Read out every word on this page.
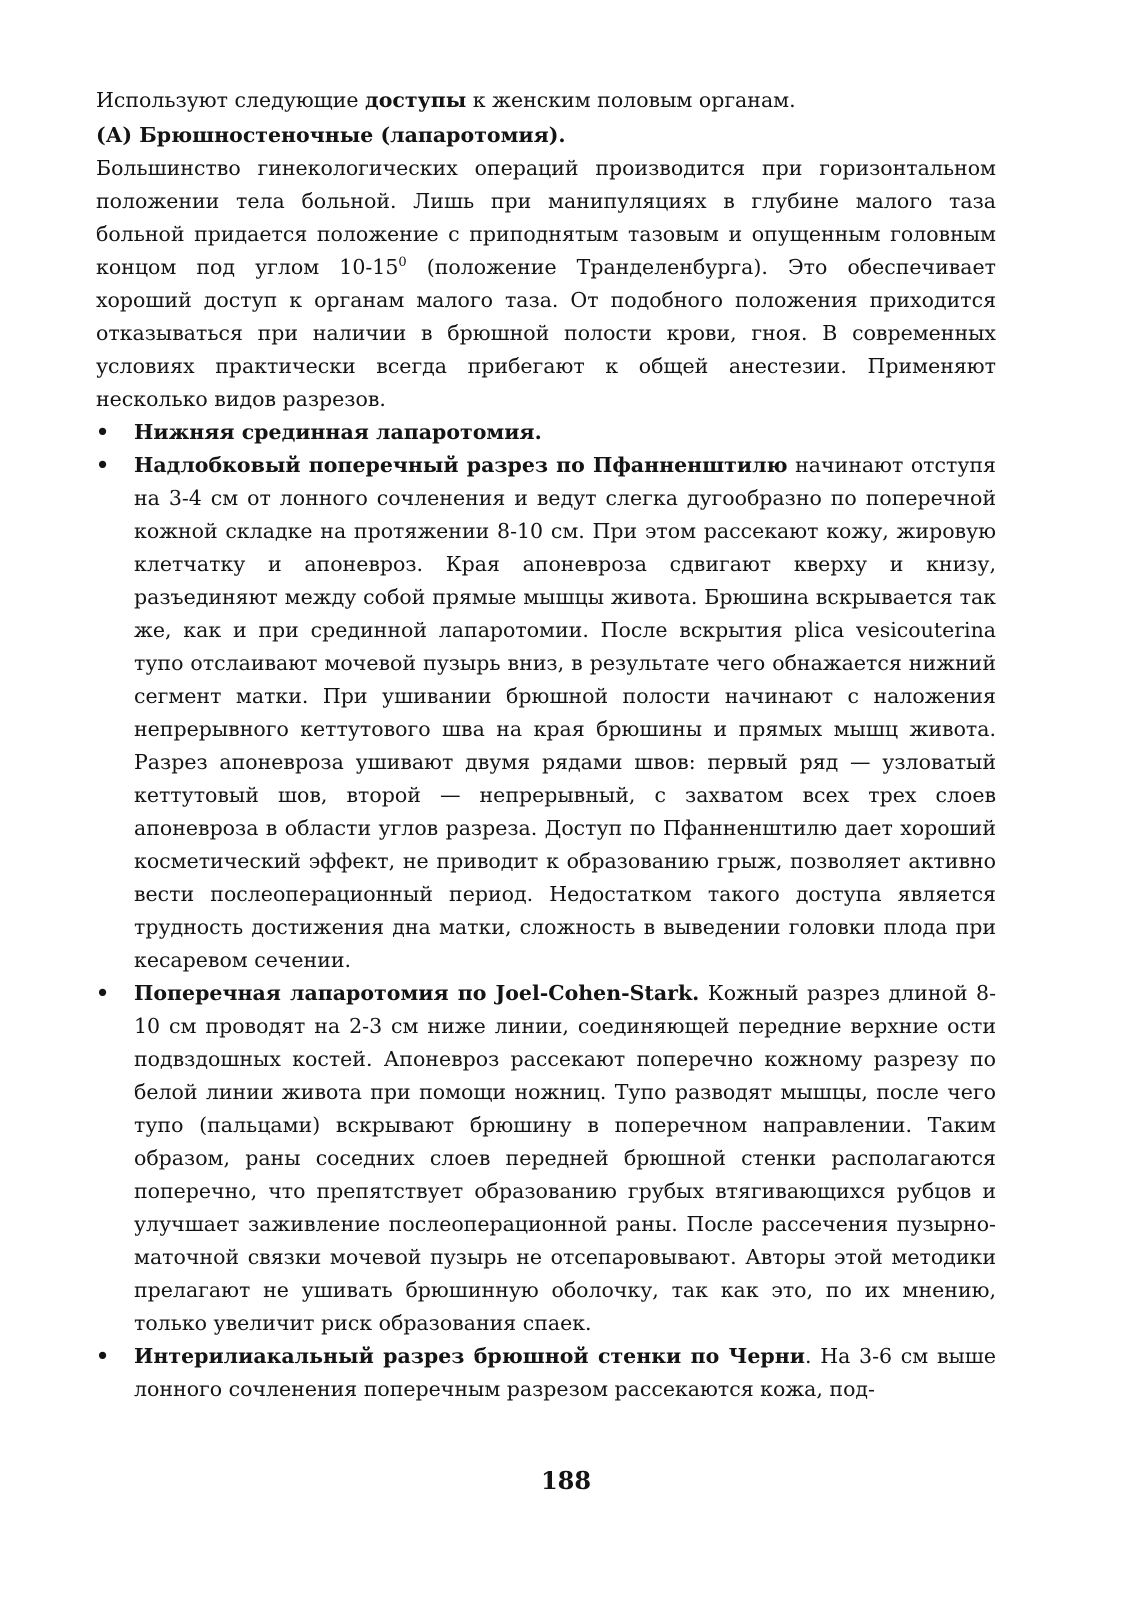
Используют следующие доступы к женским половым органам.

(А) Брюшностеночные (лапаротомия).

Большинство гинекологических операций производится при горизонтальном положении тела больной. Лишь при манипуляциях в глубине малого таза больной придается положение с приподнятым тазовым и опущенным головным концом под углом $10-15^0$ (положение Транделенбурга). Это обеспечивает хороший доступ к органам малого таза. От подобного положения приходится отказываться при наличии в брюшной полости крови, гноя. В современных условиях практически всегда прибегают к общей анестезии. Применяют несколько видов разрезов.

• Нижняя срединная лапаротомия.
• Надлобковый поперечный разрез по Пфанненштилю начинают отступя на 3-4 см от лонного сочленения и ведут слегка дугообразно по поперечной кожной складке на протяжении 8-10 см. При этом рассекают кожу, жировую клетчатку и апоневроз. Края апоневроза сдвигают кверху и книзу, разъединяют между собой прямые мышцы живота. Брюшина вскрывается так же, как и при срединной лапаротомии. После вскрытия plica vesicouterina тупо отслаивают мочевой пузырь вниз, в результате чего обнажается нижний сегмент матки. При ушивании брюшной полости начинают с наложения непрерывного кеттутового шва на края брюшины и прямых мышц живота. Разрез апоневроза ушивают двумя рядами швов: первый ряд — узловатый кеттутовый шов, второй — непрерывный, с захватом всех трех слоев апоневроза в области углов разреза. Доступ по Пфанненштилю дает хороший косметический эффект, не приводит к образованию грыж, позволяет активно вести послеоперационный период. Недостатком такого доступа является трудность достижения дна матки, сложность в выведении головки плода при кесаревом сечении.
• Поперечная лапаротомия по Joel-Cohen-Stark. Кожный разрез длиной 8-10 см проводят на 2-3 см ниже линии, соединяющей передние верхние ости подвздошных костей. Апоневроз рассекают поперечно кожному разрезу по белой линии живота при помощи ножниц. Тупо разводят мышцы, после чего тупо (пальцами) вскрывают брюшину в поперечном направлении. Таким образом, раны соседних слоев передней брюшной стенки располагаются поперечно, что препятствует образованию грубых втягивающихся рубцов и улучшает заживление послеоперационной раны. После рассечения пузырно-маточной связки мочевой пузырь не отсепаровывают. Авторы этой методики прелагают не ушивать брюшинную оболочку, так как это, по их мнению, только увеличит риск образования спаек.
• Интерилиакальный разрез брюшной стенки по Черни. На 3-6 см выше лонного сочленения поперечным разрезом рассекаются кожа, под-
188
